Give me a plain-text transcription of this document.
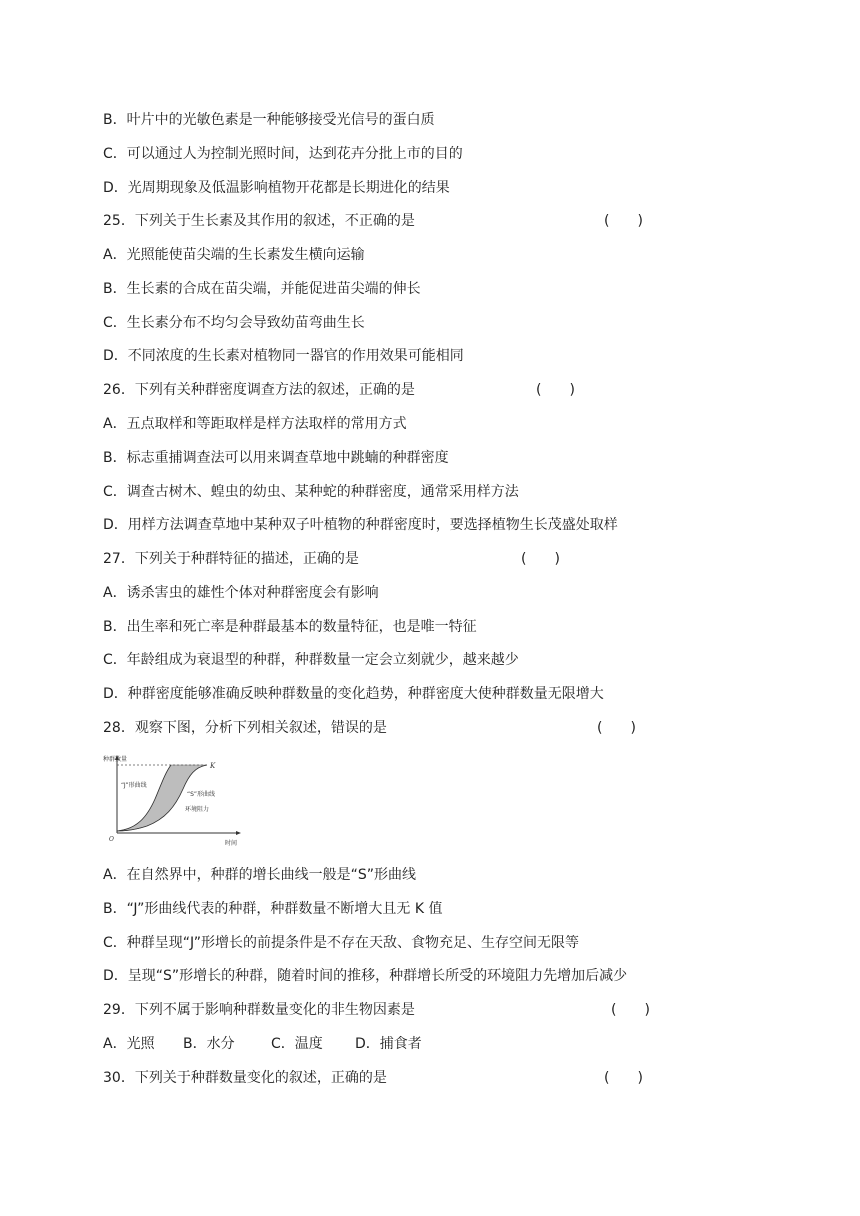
B．叶片中的光敏色素是一种能够接受光信号的蛋白质
C．可以通过人为控制光照时间，达到花卉分批上市的目的
D．光周期现象及低温影响植物开花都是长期进化的结果
25．下列关于生长素及其作用的叙述，不正确的是	(　　)
A．光照能使苗尖端的生长素发生横向运输
B．生长素的合成在苗尖端，并能促进苗尖端的伸长
C．生长素分布不均匀会导致幼苗弯曲生长
D．不同浓度的生长素对植物同一器官的作用效果可能相同
26．下列有关种群密度调查方法的叙述，正确的是	(　　)
A．五点取样和等距取样是样方法取样的常用方式
B．标志重捕调查法可以用来调查草地中跳蝻的种群密度
C．调查古树木、蝗虫的幼虫、某种蛇的种群密度，通常采用样方法
D．用样方法调查草地中某种双子叶植物的种群密度时，要选择植物生长茂盛处取样
27．下列关于种群特征的描述，正确的是	(　　)
A．诱杀害虫的雄性个体对种群密度会有影响
B．出生率和死亡率是种群最基本的数量特征，也是唯一特征
C．年龄组成为衰退型的种群，种群数量一定会立刻就少，越来越少
D．种群密度能够准确反映种群数量的变化趋势，种群密度大使种群数量无限增大
28．观察下图，分析下列相关叙述，错误的是	(　　)
种群数量
K
“J”形曲线
“S”形曲线
环境阻力
O
时间
A．在自然界中，种群的增长曲线一般是“S”形曲线
B．“J”形曲线代表的种群，种群数量不断增大且无 K 值
C．种群呈现“J”形增长的前提条件是不存在天敌、食物充足、生存空间无限等
D．呈现“S”形增长的种群，随着时间的推移，种群增长所受的环境阻力先增加后减少
29．下列不属于影响种群数量变化的非生物因素是	(　　)
A．光照 B．水分	C．温度 D．捕食者
30．下列关于种群数量变化的叙述，正确的是	(　　)
